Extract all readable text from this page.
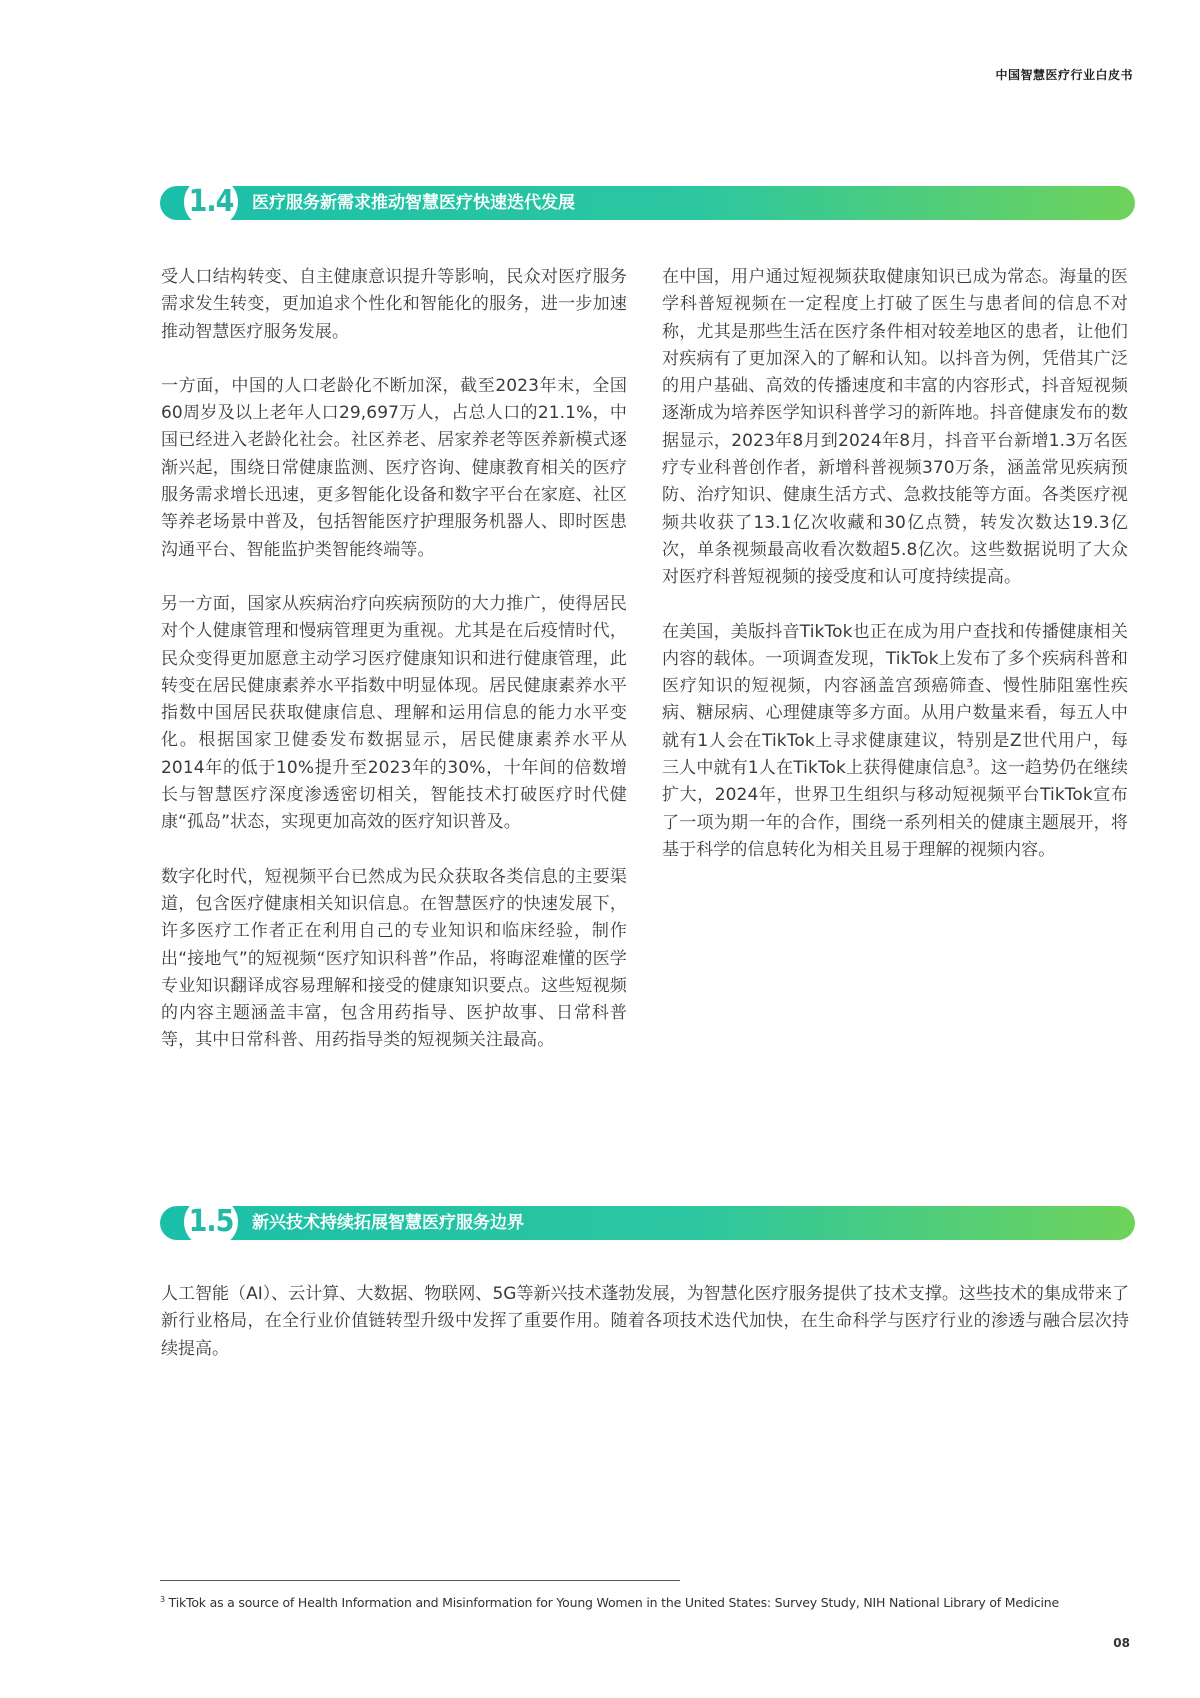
中国智慧医疗行业白皮书
1.4 医疗服务新需求推动智慧医疗快速迭代发展

受人口结构转变、自主健康意识提升等影响，民众对医疗服务需求发生转变，更加追求个性化和智能化的服务，进一步加速推动智慧医疗服务发展。

一方面，中国的人口老龄化不断加深，截至2023年末，全国60周岁及以上老年人口29,697万人，占总人口的21.1%，中国已经进入老龄化社会。社区养老、居家养老等医养新模式逐渐兴起，围绕日常健康监测、医疗咨询、健康教育相关的医疗服务需求增长迅速，更多智能化设备和数字平台在家庭、社区等养老场景中普及，包括智能医疗护理服务机器人、即时医患沟通平台、智能监护类智能终端等。

另一方面，国家从疾病治疗向疾病预防的大力推广，使得居民对个人健康管理和慢病管理更为重视。尤其是在后疫情时代，民众变得更加愿意主动学习医疗健康知识和进行健康管理，此转变在居民健康素养水平指数中明显体现。居民健康素养水平指数中国居民获取健康信息、理解和运用信息的能力水平变化。根据国家卫健委发布数据显示，居民健康素养水平从2014年的低于10%提升至2023年的30%，十年间的倍数增长与智慧医疗深度渗透密切相关，智能技术打破医疗时代健康“孤岛”状态，实现更加高效的医疗知识普及。

数字化时代，短视频平台已然成为民众获取各类信息的主要渠道，包含医疗健康相关知识信息。在智慧医疗的快速发展下，许多医疗工作者正在利用自己的专业知识和临床经验，制作出“接地气”的短视频“医疗知识科普”作品，将晦涩难懂的医学专业知识翻译成容易理解和接受的健康知识要点。这些短视频的内容主题涵盖丰富，包含用药指导、医护故事、日常科普等，其中日常科普、用药指导类的短视频关注最高。

在中国，用户通过短视频获取健康知识已成为常态。海量的医学科普短视频在一定程度上打破了医生与患者间的信息不对称，尤其是那些生活在医疗条件相对较差地区的患者，让他们对疾病有了更加深入的了解和认知。以抖音为例，凭借其广泛的用户基础、高效的传播速度和丰富的内容形式，抖音短视频逐渐成为培养医学知识科普学习的新阵地。抖音健康发布的数据显示，2023年8月到2024年8月，抖音平台新增1.3万名医疗专业科普创作者，新增科普视频370万条，涵盖常见疾病预防、治疗知识、健康生活方式、急救技能等方面。各类医疗视频共收获了13.1亿次收藏和30亿点赞，转发次数达19.3亿次，单条视频最高收看次数超5.8亿次。这些数据说明了大众对医疗科普短视频的接受度和认可度持续提高。

在美国，美版抖音TikTok也正在成为用户查找和传播健康相关内容的载体。一项调查发现，TikTok上发布了多个疾病科普和医疗知识的短视频，内容涵盖宫颈癌筛查、慢性肺阻塞性疾病、糖尿病、心理健康等多方面。从用户数量来看，每五人中就有1人会在TikTok上寻求健康建议，特别是Z世代用户，每三人中就有1人在TikTok上获得健康信息$^3$。这一趋势仍在继续扩大，2024年，世界卫生组织与移动短视频平台TikTok宣布了一项为期一年的合作，围绕一系列相关的健康主题展开，将基于科学的信息转化为相关且易于理解的视频内容。

1.5 新兴技术持续拓展智慧医疗服务边界

人工智能（AI）、云计算、大数据、物联网、5G等新兴技术蓬勃发展，为智慧化医疗服务提供了技术支撑。这些技术的集成带来了新行业格局，在全行业价值链转型升级中发挥了重要作用。随着各项技术迭代加快，在生命科学与医疗行业的渗透与融合层次持续提高。

$^3$ TikTok as a source of Health Information and Misinformation for Young Women in the United States: Survey Study, NIH National Library of Medicine
08
